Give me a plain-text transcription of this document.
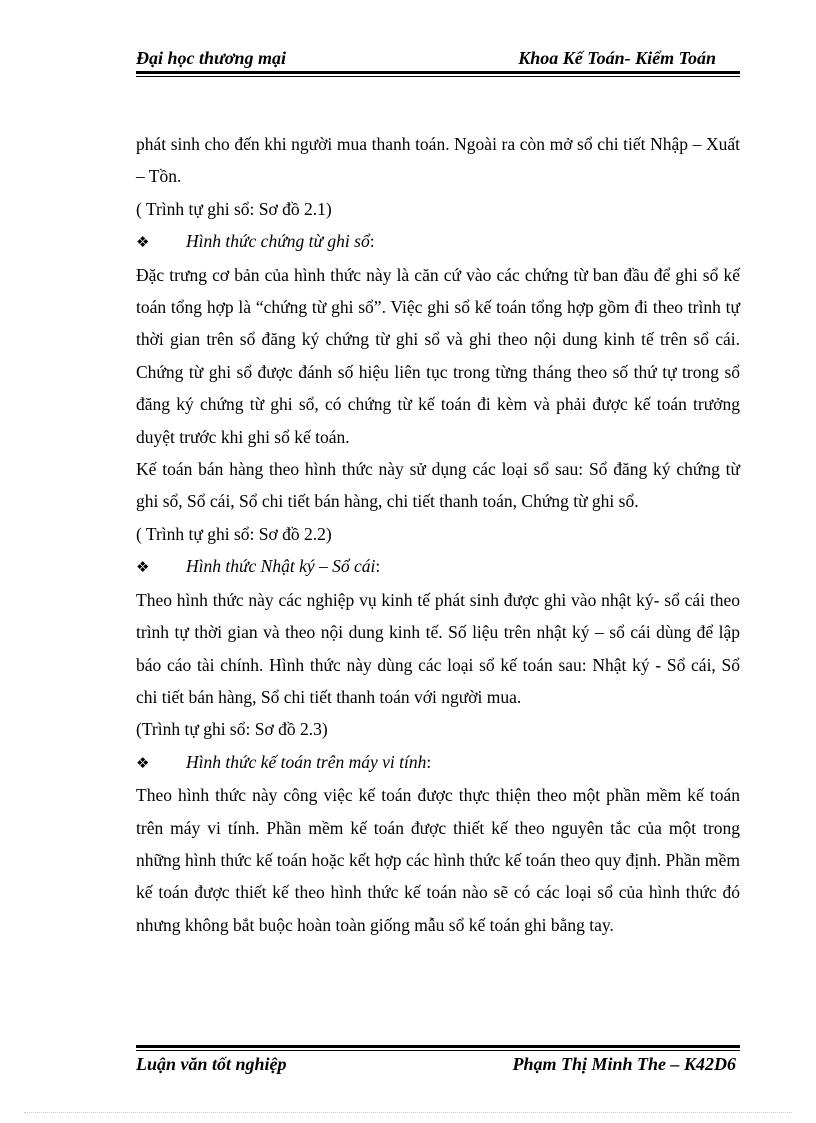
Đại học thương mại	Khoa Kế Toán- Kiểm Toán

phát sinh cho đến khi người mua thanh toán. Ngoài ra còn mở sổ chi tiết Nhập – Xuất – Tồn.

( Trình tự ghi sổ: Sơ đồ 2.1)

❖	Hình thức chứng từ ghi sổ:

Đặc trưng cơ bản của hình thức này là căn cứ vào các chứng từ ban đầu để ghi sổ kế toán tổng hợp là “chứng từ ghi sổ”. Việc ghi sổ kế toán tổng hợp gồm đi theo trình tự thời gian trên sổ đăng ký chứng từ ghi sổ và ghi theo nội dung kinh tế trên sổ cái. Chứng từ ghi sổ được đánh số hiệu liên tục trong từng tháng theo số thứ tự trong sổ đăng ký chứng từ ghi sổ, có chứng từ kế toán đi kèm và phải được kế toán trưởng duyệt trước khi ghi sổ kế toán.

Kế toán bán hàng theo hình thức này sử dụng các loại sổ sau: Sổ đăng ký chứng từ ghi sổ, Sổ cái, Sổ chi tiết bán hàng, chi tiết thanh toán, Chứng từ ghi sổ.

( Trình tự ghi sổ: Sơ đồ 2.2)

❖	Hình thức Nhật ký – Sổ cái:

Theo hình thức này các nghiệp vụ kinh tế phát sinh được ghi vào nhật ký- sổ cái theo trình tự thời gian và theo nội dung kinh tế. Số liệu trên nhật ký – sổ cái dùng để lập báo cáo tài chính. Hình thức này dùng các loại sổ kế toán sau: Nhật ký - Sổ cái, Sổ chi tiết bán hàng, Sổ chi tiết thanh toán với người mua.

(Trình tự ghi sổ: Sơ đồ 2.3)

❖	Hình thức kế toán trên máy vi tính:

Theo hình thức này công việc kế toán được thực thiện theo một phần mềm kế toán trên máy vi tính. Phần mềm kế toán được thiết kế theo nguyên tắc của một trong những hình thức kế toán hoặc kết hợp các hình thức kế toán theo quy định. Phần mềm kế toán được thiết kế theo hình thức kế toán nào sẽ có các loại sổ của hình thức đó nhưng không bắt buộc hoàn toàn giống mẫu sổ kế toán ghi bằng tay.

Luận văn tốt nghiệp	Phạm Thị Minh The – K42D6
